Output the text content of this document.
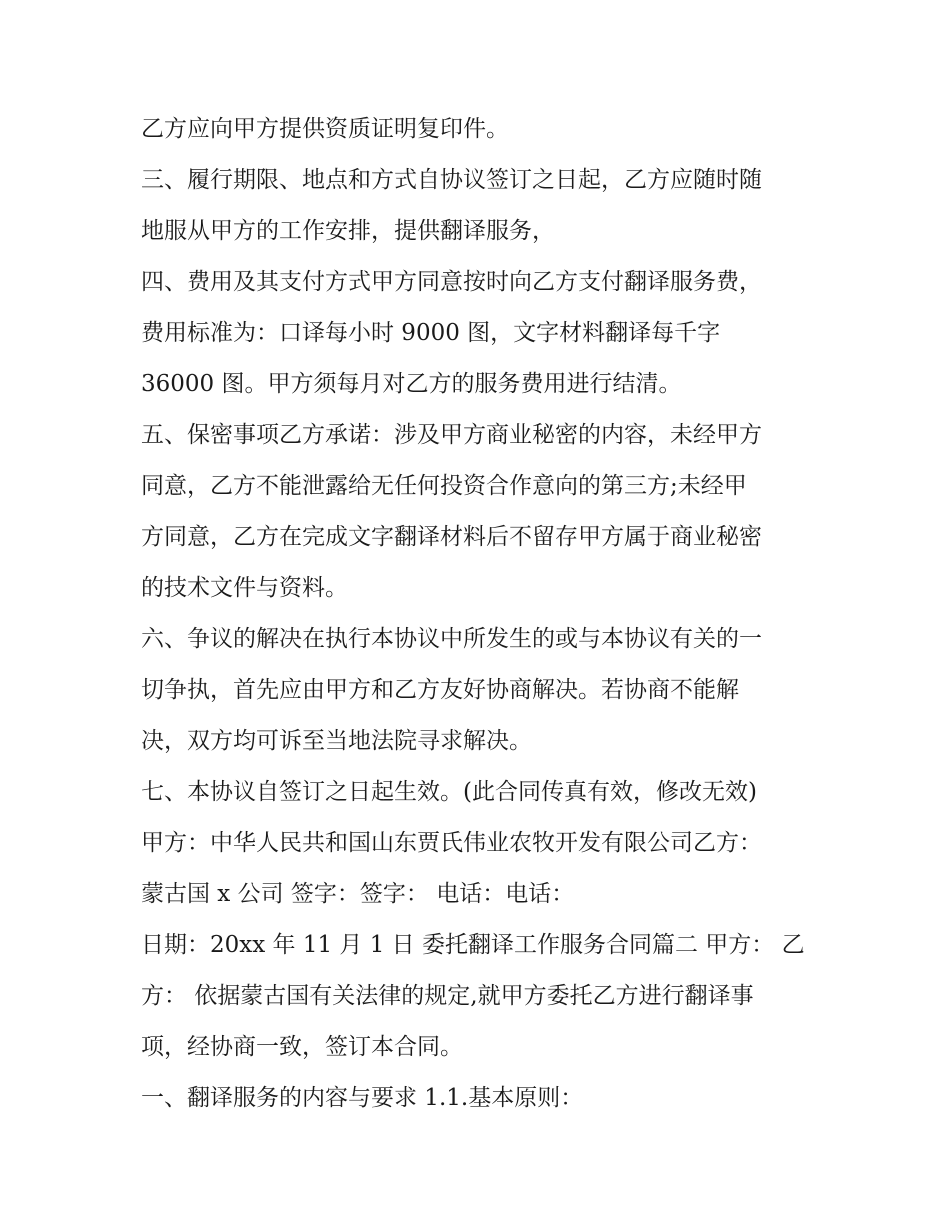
乙方应向甲方提供资质证明复印件。

三、履行期限、地点和方式自协议签订之日起，乙方应随时随

地服从甲方的工作安排，提供翻译服务，

四、费用及其支付方式甲方同意按时向乙方支付翻译服务费，

费用标准为：口译每小时 9000 图，文字材料翻译每千字

36000 图。甲方须每月对乙方的服务费用进行结清。

五、保密事项乙方承诺：涉及甲方商业秘密的内容，未经甲方

同意，乙方不能泄露给无任何投资合作意向的第三方;未经甲

方同意，乙方在完成文字翻译材料后不留存甲方属于商业秘密

的技术文件与资料。

六、争议的解决在执行本协议中所发生的或与本协议有关的一

切争执，首先应由甲方和乙方友好协商解决。若协商不能解

决，双方均可诉至当地法院寻求解决。

七、本协议自签订之日起生效。(此合同传真有效，修改无效)

甲方：中华人民共和国山东贾氏伟业农牧开发有限公司乙方：

蒙古国 x 公司 签字：签字： 电话：电话：

日期：20xx 年 11 月 1 日 委托翻译工作服务合同篇二 甲方： 乙

方： 依据蒙古国有关法律的规定,就甲方委托乙方进行翻译事

项，经协商一致，签订本合同。

一、翻译服务的内容与要求 1.1.基本原则：
